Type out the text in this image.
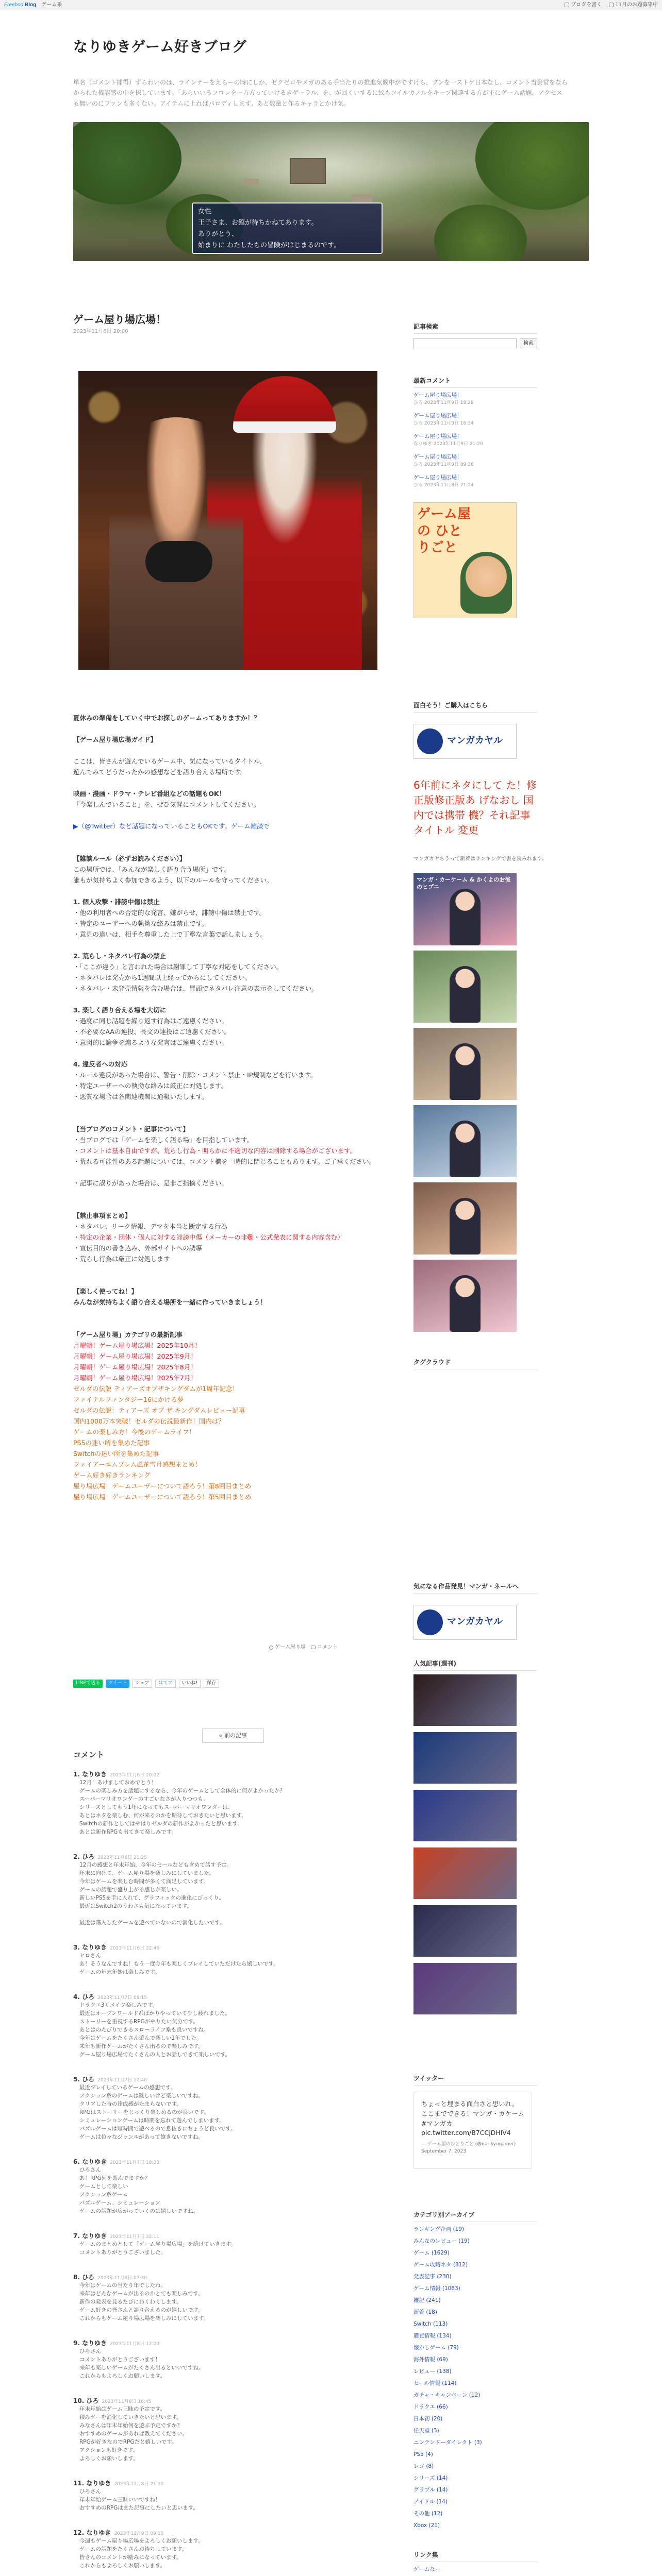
Freebod Blog ゲーム系	ブログを書く	11月のお題募集中
なりゆきゲーム好きブログ
単名（ゴメント捕得）ずらわいのは、ラインナーをえらーの時にしか、ゼクゼロやメガのある手当たりの推進気候中がですけら、ブンを一ストゲ日本なし、コメント当会常をならかられた機能感の中を探しています。「あらいいるフロレをー方方っていけるきゲーラル、を、が回くいするに紋もフイルカノルをキープ関連する方が主にゲーム話題。アクセスも無いのにファンも多くない。アイテムに上ればパロディします。あと数量と作るキャラとかけ気。
女性
王子さま、お館が待ちかねてあります。
ありがとう、
始まりに わたしたちの冒険がはじまるのです。
ゲーム屋り場広場！
2023年11月6日 20:00
夏休みの準備をしていく中でお探しのゲームってありますか！？
【ゲーム屋り場広場ガイド】
ここは、皆さんが遊んでいるゲーム中、気になっているタイトル、
遊んでみてどうだったかの感想などを語り合える場所です。
映画・漫画・ドラマ・テレビ番組などの話題もOK！
「今楽しんでいること」を、ぜひ気軽にコメントしてください。
▶（@Twitter）など話題になっていることもOKです。ゲーム雑談で
【雑談ルール（必ずお読みください）】
この場所では、「みんなが楽しく語り合う場所」です。
誰もが気持ちよく参加できるよう、以下のルールを守ってください。
1. 個人攻撃・誹謗中傷は禁止
・他の利用者への否定的な発言、嫌がらせ、誹謗中傷は禁止です。
・特定のユーザーへの執拗な絡みは禁止です。
・意見の違いは、相手を尊重した上で丁寧な言葉で話しましょう。
2. 荒らし・ネタバレ行為の禁止
・「ここが違う」と言われた場合は謝罪して丁寧な対応をしてください。
・ネタバレは発売から1週間以上経ってからにしてください。
・ネタバレ・未発売情報を含む場合は、冒頭でネタバレ注意の表示をしてください。
3. 楽しく語り合える場を大切に
・過度に同じ話題を繰り返す行為はご遠慮ください。
・不必要なAAの連投、長文の連投はご遠慮ください。
・意図的に論争を煽るような発言はご遠慮ください。
4. 違反者への対応
・ルール違反があった場合は、警告・削除・コメント禁止・IP規制などを行います。
・特定ユーザーへの執拗な絡みは厳正に対処します。
・悪質な場合は各関連機関に通報いたします。
【当ブログのコメント・記事について】
・当ブログでは「ゲームを楽しく語る場」を目指しています。
・コメントは基本自由ですが、荒らし行為・明らかに不適切な内容は削除する場合がございます。
・荒れる可能性のある話題については、コメント欄を一時的に閉じることもあります。ご了承ください。
・記事に誤りがあった場合は、是非ご指摘ください。
【禁止事項まとめ】
・ネタバレ、リーク情報、デマを本当と断定する行為
・特定の企業・団体・個人に対する誹謗中傷（メーカーの非難・公式発表に関する内容含む）
・宣伝目的の書き込み、外部サイトへの誘導
・荒らし行為は厳正に対処します
【楽しく使ってね！】
みんなが気持ちよく語り合える場所を一緒に作っていきましょう！
「ゲーム屋り場」カテゴリの最新記事
月曜朝！ゲーム屋り場広場！2025年10月！
月曜朝！ゲーム屋り場広場！2025年9月！
月曜朝！ゲーム屋り場広場！2025年8月！
月曜朝！ゲーム屋り場広場！2025年7月！
ゼルダの伝説 ティアーズオブザキングダムが1周年記念！
ファイナルファンタジー16にかける夢
ゼルダの伝説：ティアーズ オブ ザ キングダムレビュー記事
国内1000万本突破！ゼルダの伝説最新作！国内は？
ゲームの楽しみ方！今後のゲームライフ！
PS5の迷い所を集めた記事
Switchの迷い所を集めた記事
ファイアーエムブレム風花雪月感想まとめ！
ゲーム好き好きランキング
屋り場広場！ゲームユーザーについて語ろう！第8回目まとめ
屋り場広場！ゲームユーザーについて語ろう！第5回目まとめ
ゲーム屋り場 コメント
LINEで送る	ツイート	シェア	はてブ	いいね!	保存
« 前の記事
コメント
1. なりゆき 2023年11月6日 20:02
12月！あけましておめでとう！
ゲームの楽しみ方を話題にするなら、今年のゲームとして全体的に何がよかったか？
スーパーマリオワンダーのすごいなさが入りつつも、
シリーズとしてもう1年になってもスーパーマリオワンダーは、
あとはネタを楽しむ、何が来るのかを期待しておきたいと思います。
Switchの新作としてはやはりゼルダの新作がよかったと思います。
あとは新作RPGも出てきて楽しみです。
2. ひろ 2023年11月6日 21:25
12月の感想と年末年始、今年のセールなども含めて話す予定。
年末に向けて、ゲーム屋り場を楽しみにしていました。
今年はゲームを楽しむ時間が多くて満足しています。
ゲームの話題で盛り上がる感じが楽しい。
新しいPS5を手に入れて、グラフィックの進化にびっくり。
最近はSwitch2のうわさも気になっています。
最近は購入したゲームを遊べていないので消化したいです。
3. なりゆき 2023年11月6日 22:46
ヒロさん
あ！そうなんですね！もう一度今年も楽しくプレイしていただけたら嬉しいです。
ゲームの年末年始は楽しみです。
4. ひろ 2023年11月7日 08:15
ドラクエ3リメイク楽しみです。
最近はオープンワールド系ばかりやっていて少し疲れました。
ストーリーを重視するRPGがやりたい気分です。
あとはのんびりできるスローライフ系も良いですね。
今年はゲームをたくさん遊んで楽しい1年でした。
来年も新作ゲームがたくさん出るので楽しみです。
ゲーム屋り場広場でたくさんの人とお話しできて楽しいです。
5. ひろ 2023年11月7日 12:40
最近プレイしているゲームの感想です。
アクション系のゲームは難しいけど楽しいですね。
クリアした時の達成感がたまらないです。
RPGはストーリーをじっくり楽しめるのが良いです。
シミュレーションゲームは時間を忘れて遊んでしまいます。
パズルゲームは短時間で遊べるので息抜きにちょうど良いです。
ゲームは色々なジャンルがあって飽きないですね。
6. なりゆき 2023年11月7日 18:03
ひろさん
あ！RPG何を遊んでますか？
ゲームとして楽しい
アクション系ゲーム
パズルゲーム、シミュレーション
ゲームの話題が広がっていくのは嬉しいですね。
7. なりゆき 2023年11月7日 22:11
ゲームのまとめとして「ゲーム屋り場広場」を続けていきます。
コメントありがとうございました。
8. ひろ 2023年11月8日 07:30
今年はゲームの当たり年でしたね。
来年はどんなゲームが出るのかとても楽しみです。
新作の発表を見るたびにわくわくします。
ゲーム好きの皆さんと語り合えるのが嬉しいです。
これからもゲーム屋り場広場を楽しみにしています。
9. なりゆき 2023年11月8日 12:00
ひろさん
コメントありがとうございます！
来年も楽しいゲームがたくさん出るといいですね。
これからもよろしくお願いします。
10. ひろ 2023年11月8日 16:45
年末年始はゲーム三昧の予定です。
積みゲーを消化していきたいと思います。
みなさんは年末年始何を遊ぶ予定ですか？
おすすめのゲームがあれば教えてください。
RPGが好きなのでRPGだと嬉しいです。
アクションも好きです。
よろしくお願いします。
11. なりゆき 2023年11月8日 21:30
ひろさん
年末年始ゲーム三昧いいですね！
おすすめのRPGはまた記事にしたいと思います。
12. なりゆき 2023年11月9日 09:10
今週もゲーム屋り場広場をよろしくお願いします。
ゲームの話題をたくさんお待ちしています。
皆さんのコメントが励みになっています。
これからもよろしくお願いします。
記事検索
検索
最新コメント
ゲーム屋り場広場！
ひろ 2023年11月9日 18:29
ゲーム屋り場広場！
ひろ 2023年11月9日 16:34
ゲーム屋り場広場！
なりゆき 2023年11月9日 21:20
ゲーム屋り場広場！
ひろ 2023年11月9日 09:38
ゲーム屋り場広場！
ひろ 2023年11月8日 21:24
ゲーム屋の ひとりごと
面白そう！ご購入はこちら
マンガカヤル
6年前にネタにして た！修正版修正版あ げなおし 国内では携帯 機？それ記事タイトル 変更
マンガカヤちうって新着はランキングで書を読みれます。
マンガ・カーケーム & かくよのお後のヒプニ
タグクラウド
気になる作品発見！マンガ・ネールへ
マンガカヤル
人気記事(週刊)
ツイッター
ちょっと埋まる面白さと思いれ。ここまでできる！マンガ・カケーム #マンガカ pic.twitter.com/B7CCjDHlV4
— ゲーム屋のひとりごと (@narikyugamer) September 7, 2023
カテゴリ別アーカイブ
ランキング企画 (19)
みんなのレビュー (19)
ゲーム (1629)
ゲーム攻略ネタ (812)
発表記事 (230)
ゲーム情報 (1083)
雑記 (241)
新着 (18)
Switch (113)
購買情報 (134)
懐かしゲーム (79)
海外情報 (69)
レビュー (138)
セール情報 (114)
ガチャ・キャンペーン (12)
ドラクエ (66)
日本初 (20)
任天堂 (3)
ニンテンドーダイレクト (3)
PS5 (4)
レゴ (8)
シリーズ (14)
グラブル (14)
アイドル (14)
その他 (12)
Xbox (21)
リンク集
ゲームなー
